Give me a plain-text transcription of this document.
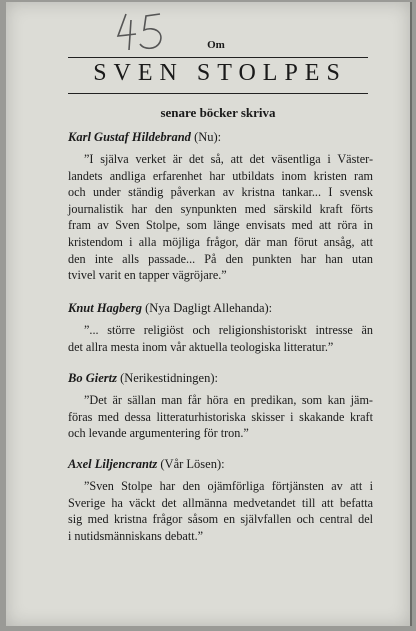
Om
SVEN STOLPES
senare böcker skriva

Karl Gustaf Hildebrand (Nu):

”I själva verket är det så, att det väsentliga i Väster-
landets andliga erfarenhet har utbildats inom kristen ram
och under ständig påverkan av kristna tankar... I svensk
journalistik har den synpunkten med särskild kraft förts
fram av Sven Stolpe, som länge envisats med att röra in
kristendom i alla möjliga frågor, där man förut ansåg, att
den inte alls passade... På den punkten har han utan
tvivel varit en tapper vägröjare.”

Knut Hagberg (Nya Dagligt Allehanda):

”... större religiöst och religionshistoriskt intresse än
det allra mesta inom vår aktuella teologiska litteratur.”

Bo Giertz (Nerikestidningen):

”Det är sällan man får höra en predikan, som kan jäm-
föras med dessa litteraturhistoriska skisser i skakande kraft
och levande argumentering för tron.”

Axel Liljencrantz (Vår Lösen):

”Sven Stolpe har den ojämförliga förtjänsten av att i
Sverige ha väckt det allmänna medvetandet till att befatta
sig med kristna frågor såsom en självfallen och central del
i nutidsmänniskans debatt.”
